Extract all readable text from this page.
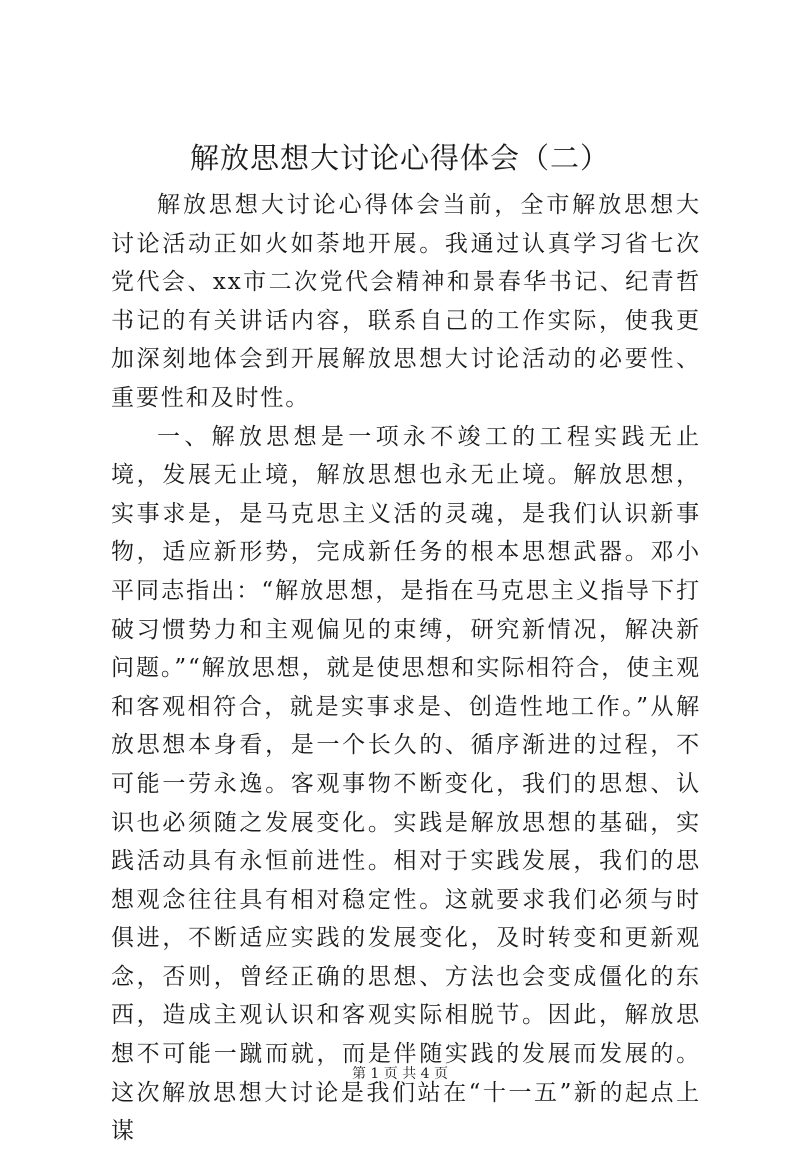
解放思想大讨论心得体会（二）

解放思想大讨论心得体会当前，全市解放思想大讨论活动正如火如荼地开展。我通过认真学习省七次党代会、xx市二次党代会精神和景春华书记、纪青哲书记的有关讲话内容，联系自己的工作实际，使我更加深刻地体会到开展解放思想大讨论活动的必要性、重要性和及时性。

一、解放思想是一项永不竣工的工程实践无止境，发展无止境，解放思想也永无止境。解放思想，实事求是，是马克思主义活的灵魂，是我们认识新事物，适应新形势，完成新任务的根本思想武器。邓小平同志指出：“解放思想，是指在马克思主义指导下打破习惯势力和主观偏见的束缚，研究新情况，解决新问题。”“解放思想，就是使思想和实际相符合，使主观和客观相符合，就是实事求是、创造性地工作。”从解放思想本身看，是一个长久的、循序渐进的过程，不可能一劳永逸。客观事物不断变化，我们的思想、认识也必须随之发展变化。实践是解放思想的基础，实践活动具有永恒前进性。相对于实践发展，我们的思想观念往往具有相对稳定性。这就要求我们必须与时俱进，不断适应实践的发展变化，及时转变和更新观念，否则，曾经正确的思想、方法也会变成僵化的东西，造成主观认识和客观实际相脱节。因此，解放思想不可能一蹴而就，而是伴随实践的发展而发展的。这次解放思想大讨论是我们站在“十一五”新的起点上谋

第 1 页 共 4 页
